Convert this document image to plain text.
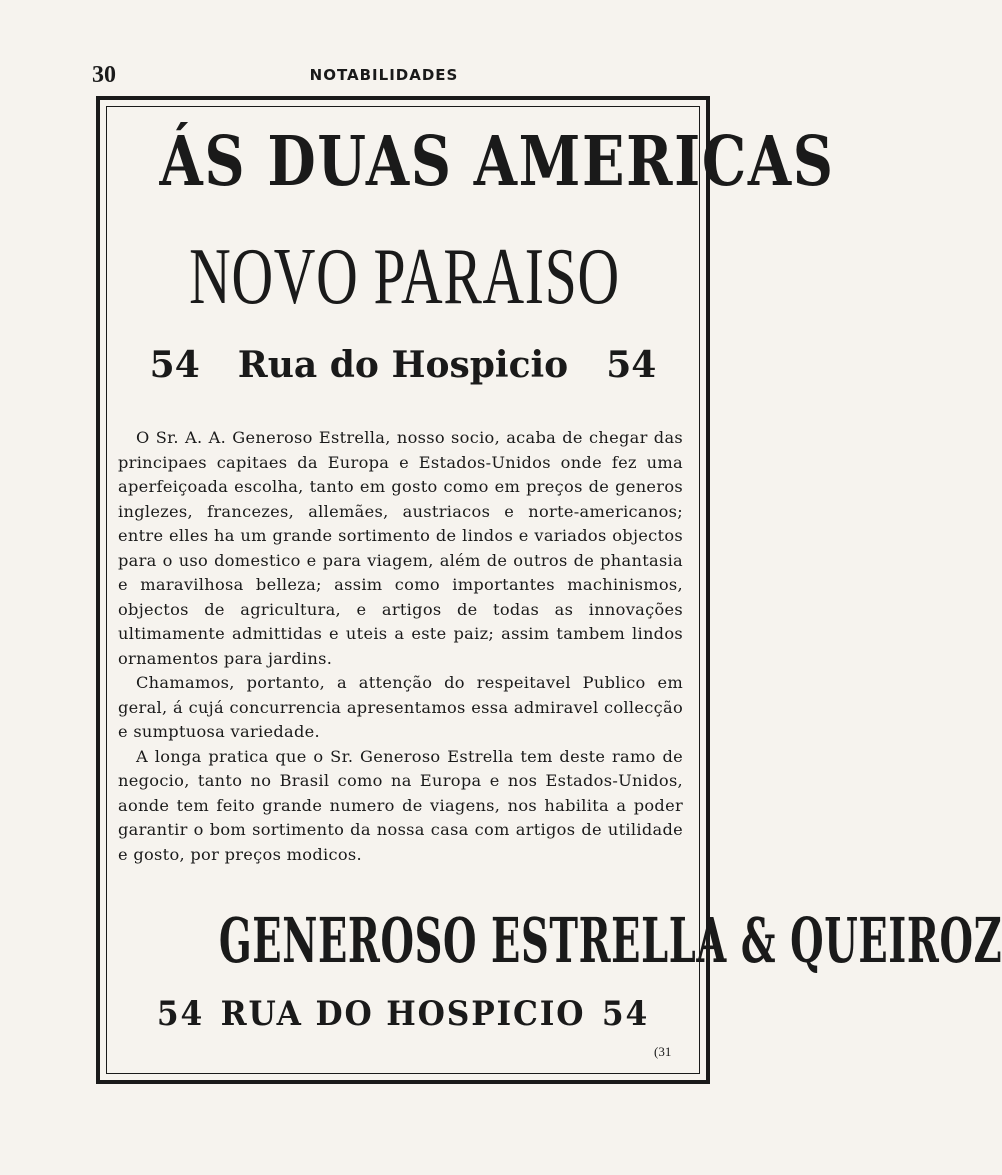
30	NOTABILIDADES
ÁS DUAS AMERICAS
NOVO PARAISO
54 Rua do Hospicio 54

O Sr. A. A. Generoso Estrella, nosso socio, acaba de chegar das principaes capitaes da Europa e Estados-Unidos onde fez uma aperfeiçoada escolha, tanto em gosto como em preços de generos inglezes, francezes, allemães, austriacos e norte-americanos; entre elles ha um grande sortimento de lindos e variados objectos para o uso domestico e para viagem, além de outros de phantasia e maravilhosa belleza; assim como importantes machinismos, objectos de agricultura, e artigos de todas as innovações ultimamente admittidas e uteis a este paiz; assim tambem lindos ornamentos para jardins.

Chamamos, portanto, a attenção do respeitavel Publico em geral, á cujá concurrencia apresentamos essa admiravel collecção e sumptuosa variedade.

A longa pratica que o Sr. Generoso Estrella tem deste ramo de negocio, tanto no Brasil como na Europa e nos Estados-Unidos, aonde tem feito grande numero de viagens, nos habilita a poder garantir o bom sortimento da nossa casa com artigos de utilidade e gosto, por preços modicos.

GENEROSO ESTRELLA & QUEIROZ
54 RUA DO HOSPICIO 54
(31
